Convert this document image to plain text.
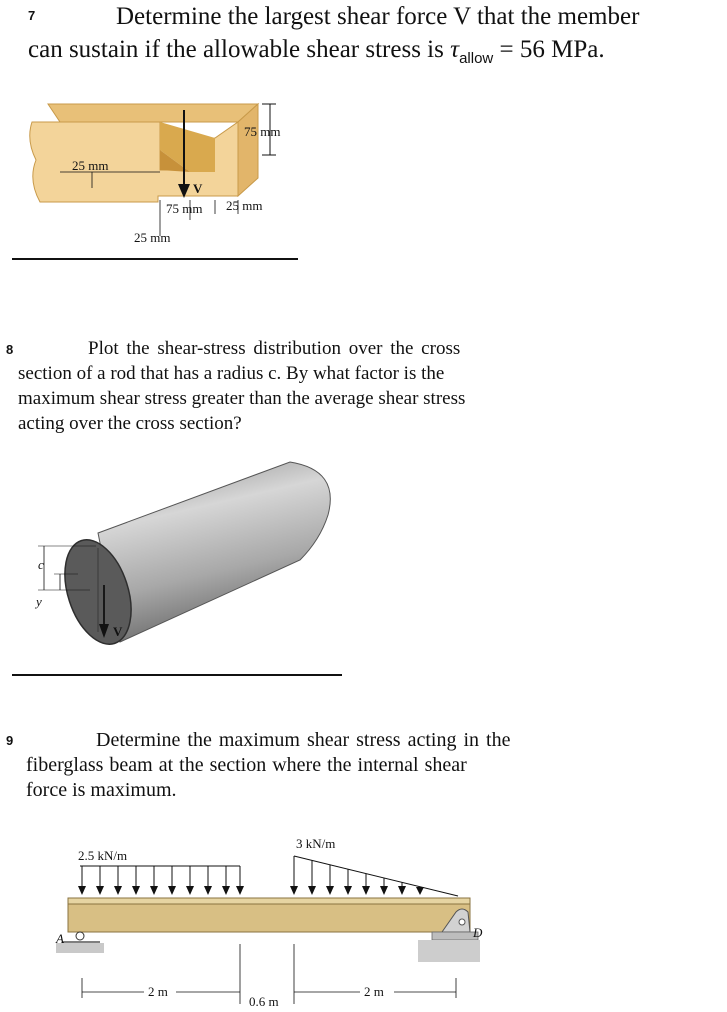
7	Determine the largest shear force V that the member
can sustain if the allowable shear stress is $\tau_{allow} = 56$ MPa.
75 mm
25 mm
V
75 mm 25 mm
25 mm
c
y
V
2.5 kN/m
3 kN/m
A	D
2 m
0.6 m
2 m
8	Plot the shear-stress distribution over the cross
section of a rod that has a radius c. By what factor is the
maximum shear stress greater than the average shear stress
acting over the cross section?
9	Determine the maximum shear stress acting in the
fiberglass beam at the section where the internal shear
force is maximum.
